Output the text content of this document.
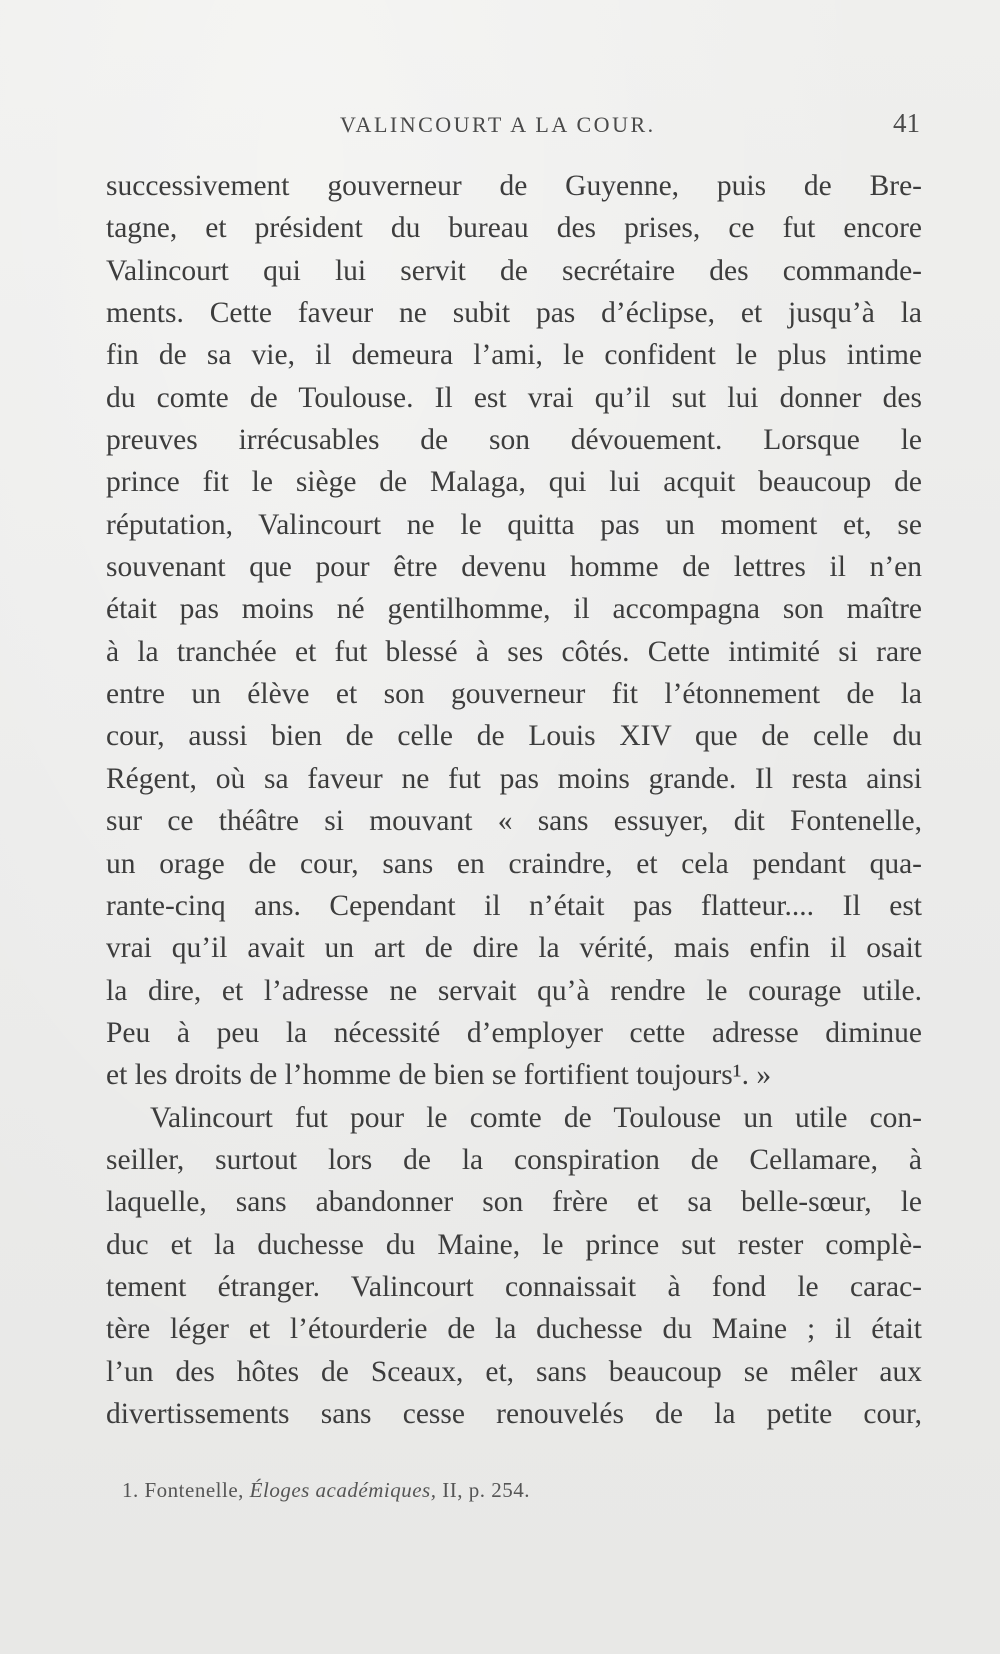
VALINCOURT A LA COUR.	41
successivement gouverneur de Guyenne, puis de Bre-
tagne, et président du bureau des prises, ce fut encore
Valincourt qui lui servit de secrétaire des commande-
ments. Cette faveur ne subit pas d’éclipse, et jusqu’à la
fin de sa vie, il demeura l’ami, le confident le plus intime
du comte de Toulouse. Il est vrai qu’il sut lui donner des
preuves irrécusables de son dévouement. Lorsque le
prince fit le siège de Malaga, qui lui acquit beaucoup de
réputation, Valincourt ne le quitta pas un moment et, se
souvenant que pour être devenu homme de lettres il n’en
était pas moins né gentilhomme, il accompagna son maître
à la tranchée et fut blessé à ses côtés. Cette intimité si rare
entre un élève et son gouverneur fit l’étonnement de la
cour, aussi bien de celle de Louis XIV que de celle du
Régent, où sa faveur ne fut pas moins grande. Il resta ainsi
sur ce théâtre si mouvant « sans essuyer, dit Fontenelle,
un orage de cour, sans en craindre, et cela pendant qua-
rante-cinq ans. Cependant il n’était pas flatteur.... Il est
vrai qu’il avait un art de dire la vérité, mais enfin il osait
la dire, et l’adresse ne servait qu’à rendre le courage utile.
Peu à peu la nécessité d’employer cette adresse diminue
et les droits de l’homme de bien se fortifient toujours¹. »
Valincourt fut pour le comte de Toulouse un utile con-
seiller, surtout lors de la conspiration de Cellamare, à
laquelle, sans abandonner son frère et sa belle-sœur, le
duc et la duchesse du Maine, le prince sut rester complè-
tement étranger. Valincourt connaissait à fond le carac-
tère léger et l’étourderie de la duchesse du Maine ; il était
l’un des hôtes de Sceaux, et, sans beaucoup se mêler aux
divertissements sans cesse renouvelés de la petite cour,
1. Fontenelle, Éloges académiques, II, p. 254.
